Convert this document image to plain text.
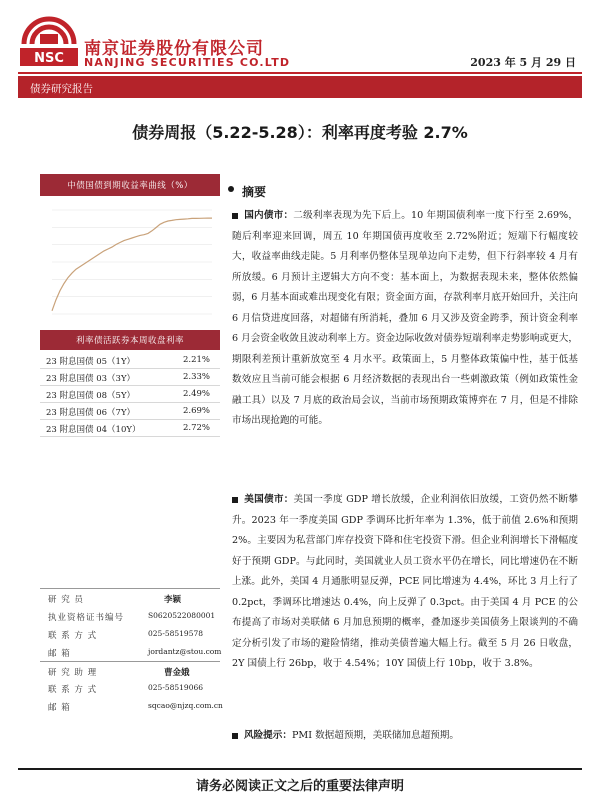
NSC 南京证券股份有限公司
NANJING SECURITIES CO.LTD	2023 年 5 月 29 日
债券研究报告
债券周报（5.22-5.28）：利率再度考验 2.7%
中债国债到期收益率曲线（%）
利率债活跃券本周收盘利率
23 附息国债 05（1Y）	2.21%
23 附息国债 03（3Y）	2.33%
23 附息国债 08（5Y）	2.49%
23 附息国债 06（7Y）	2.69%
23 附息国债 04（10Y）	2.72%
研 究 员	李颖
执业资格证书编号	S0620522080001
联 系 方 式	025-58519578
邮 箱	jordantz@stou.com
研 究 助 理	曹金娥
联 系 方 式	025-58519066
邮 箱	sqcao@njzq.com.cn
摘要
国内债市：二级利率表现为先下后上。10 年期国债利率一度下行至 2.69%，随后利率迎来回调，周五 10 年期国债再度收至 2.72%附近；短端下行幅度较大，收益率曲线走陡。5 月利率仍整体呈现单边向下走势，但下行斜率较 4 月有所放缓。6 月预计主逻辑大方向不变：基本面上，为数据表现未来，整体依然偏弱，6 月基本面或难出现变化有限；资金面方面，存款利率月底开始回升，关注向 6 月信贷进度回落，对超储有所消耗，叠加 6 月又涉及资金跨季，预计资金利率 6 月会资金收敛且波动利率上方。资金边际收敛对债券短端利率走势影响或更大，期限利差预计重新放宽至 4 月水平。政策面上，5 月整体政策偏中性，基于低基数效应且当前可能会根据 6 月经济数据的表现出台一些刺激政策（例如政策性金融工具）以及 7 月底的政治局会议，当前市场预期政策博弈在 7 月，但是不排除市场出现抢跑的可能。
美国债市：美国一季度 GDP 增长放缓，企业利润依旧放缓，工资仍然不断攀升。2023 年一季度美国 GDP 季调环比折年率为 1.3%，低于前值 2.6%和预期 2%。主要因为私营部门库存投资下降和住宅投资下滑。但企业利润增长下滑幅度好于预期 GDP。与此同时，美国就业人员工资水平仍在增长，同比增速仍在不断上涨。此外，美国 4 月通胀明显反弹，PCE 同比增速为 4.4%，环比 3 月上行了 0.2pct，季调环比增速达 0.4%，向上反弹了 0.3pct。由于美国 4 月 PCE 的公布提高了市场对美联储 6 月加息预期的概率，叠加逐步美国债务上限谈判的不确定分析引发了市场的避险情绪，推动美债普遍大幅上行。截至 5 月 26 日收盘，2Y 国债上行 26bp，收于 4.54%；10Y 国债上行 10bp，收于 3.8%。
风险提示：PMI 数据超预期，美联储加息超预期。
请务必阅读正文之后的重要法律声明
